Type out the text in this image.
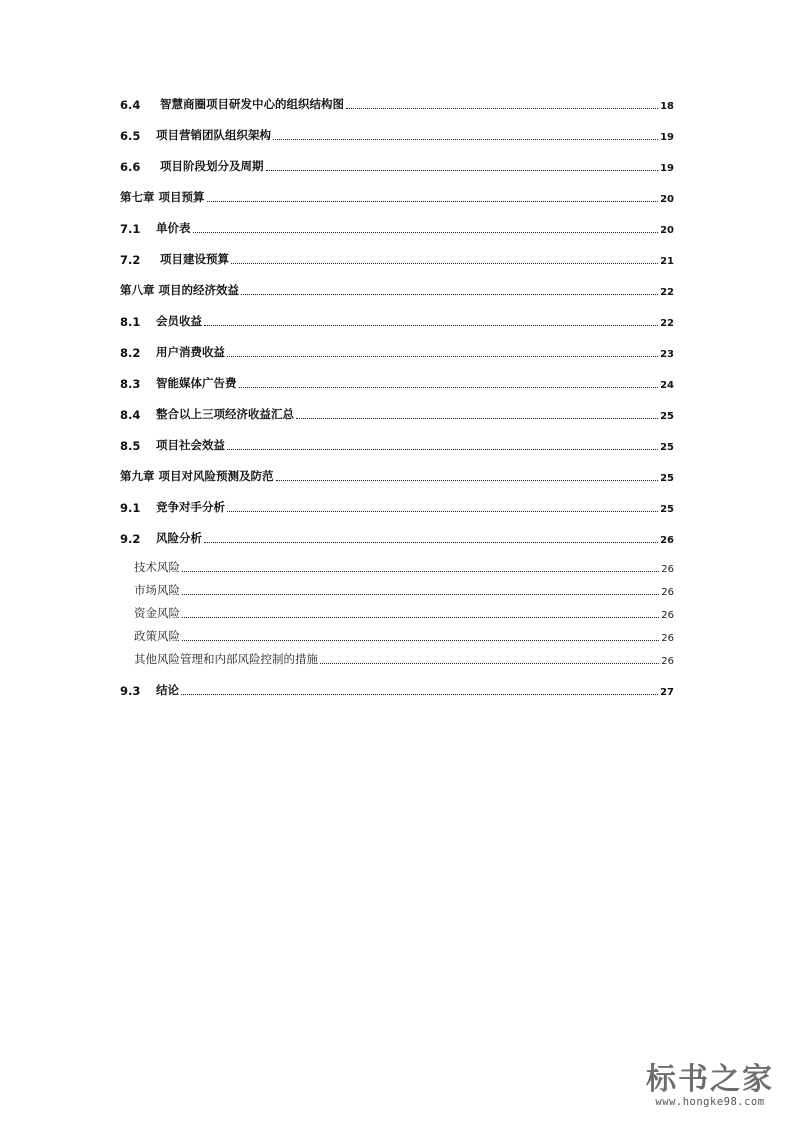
6.4	智慧商圈项目研发中心的组织结构图	18
6.5	项目营销团队组织架构	19
6.6	项目阶段划分及周期	19
第七章 项目预算	20
7.1	单价表	20
7.2	项目建设预算	21
第八章 项目的经济效益	22
8.1	会员收益	22
8.2	用户消费收益	23
8.3	智能媒体广告费	24
8.4	整合以上三项经济收益汇总	25
8.5	项目社会效益	25
第九章 项目对风险预测及防范	25
9.1	竞争对手分析	25
9.2	风险分析	26
技术风险	26
市场风险	26
资金风险	26
政策风险	26
其他风险管理和内部风险控制的措施	26
9.3	结论	27
标书之家
www.hongke98.com
